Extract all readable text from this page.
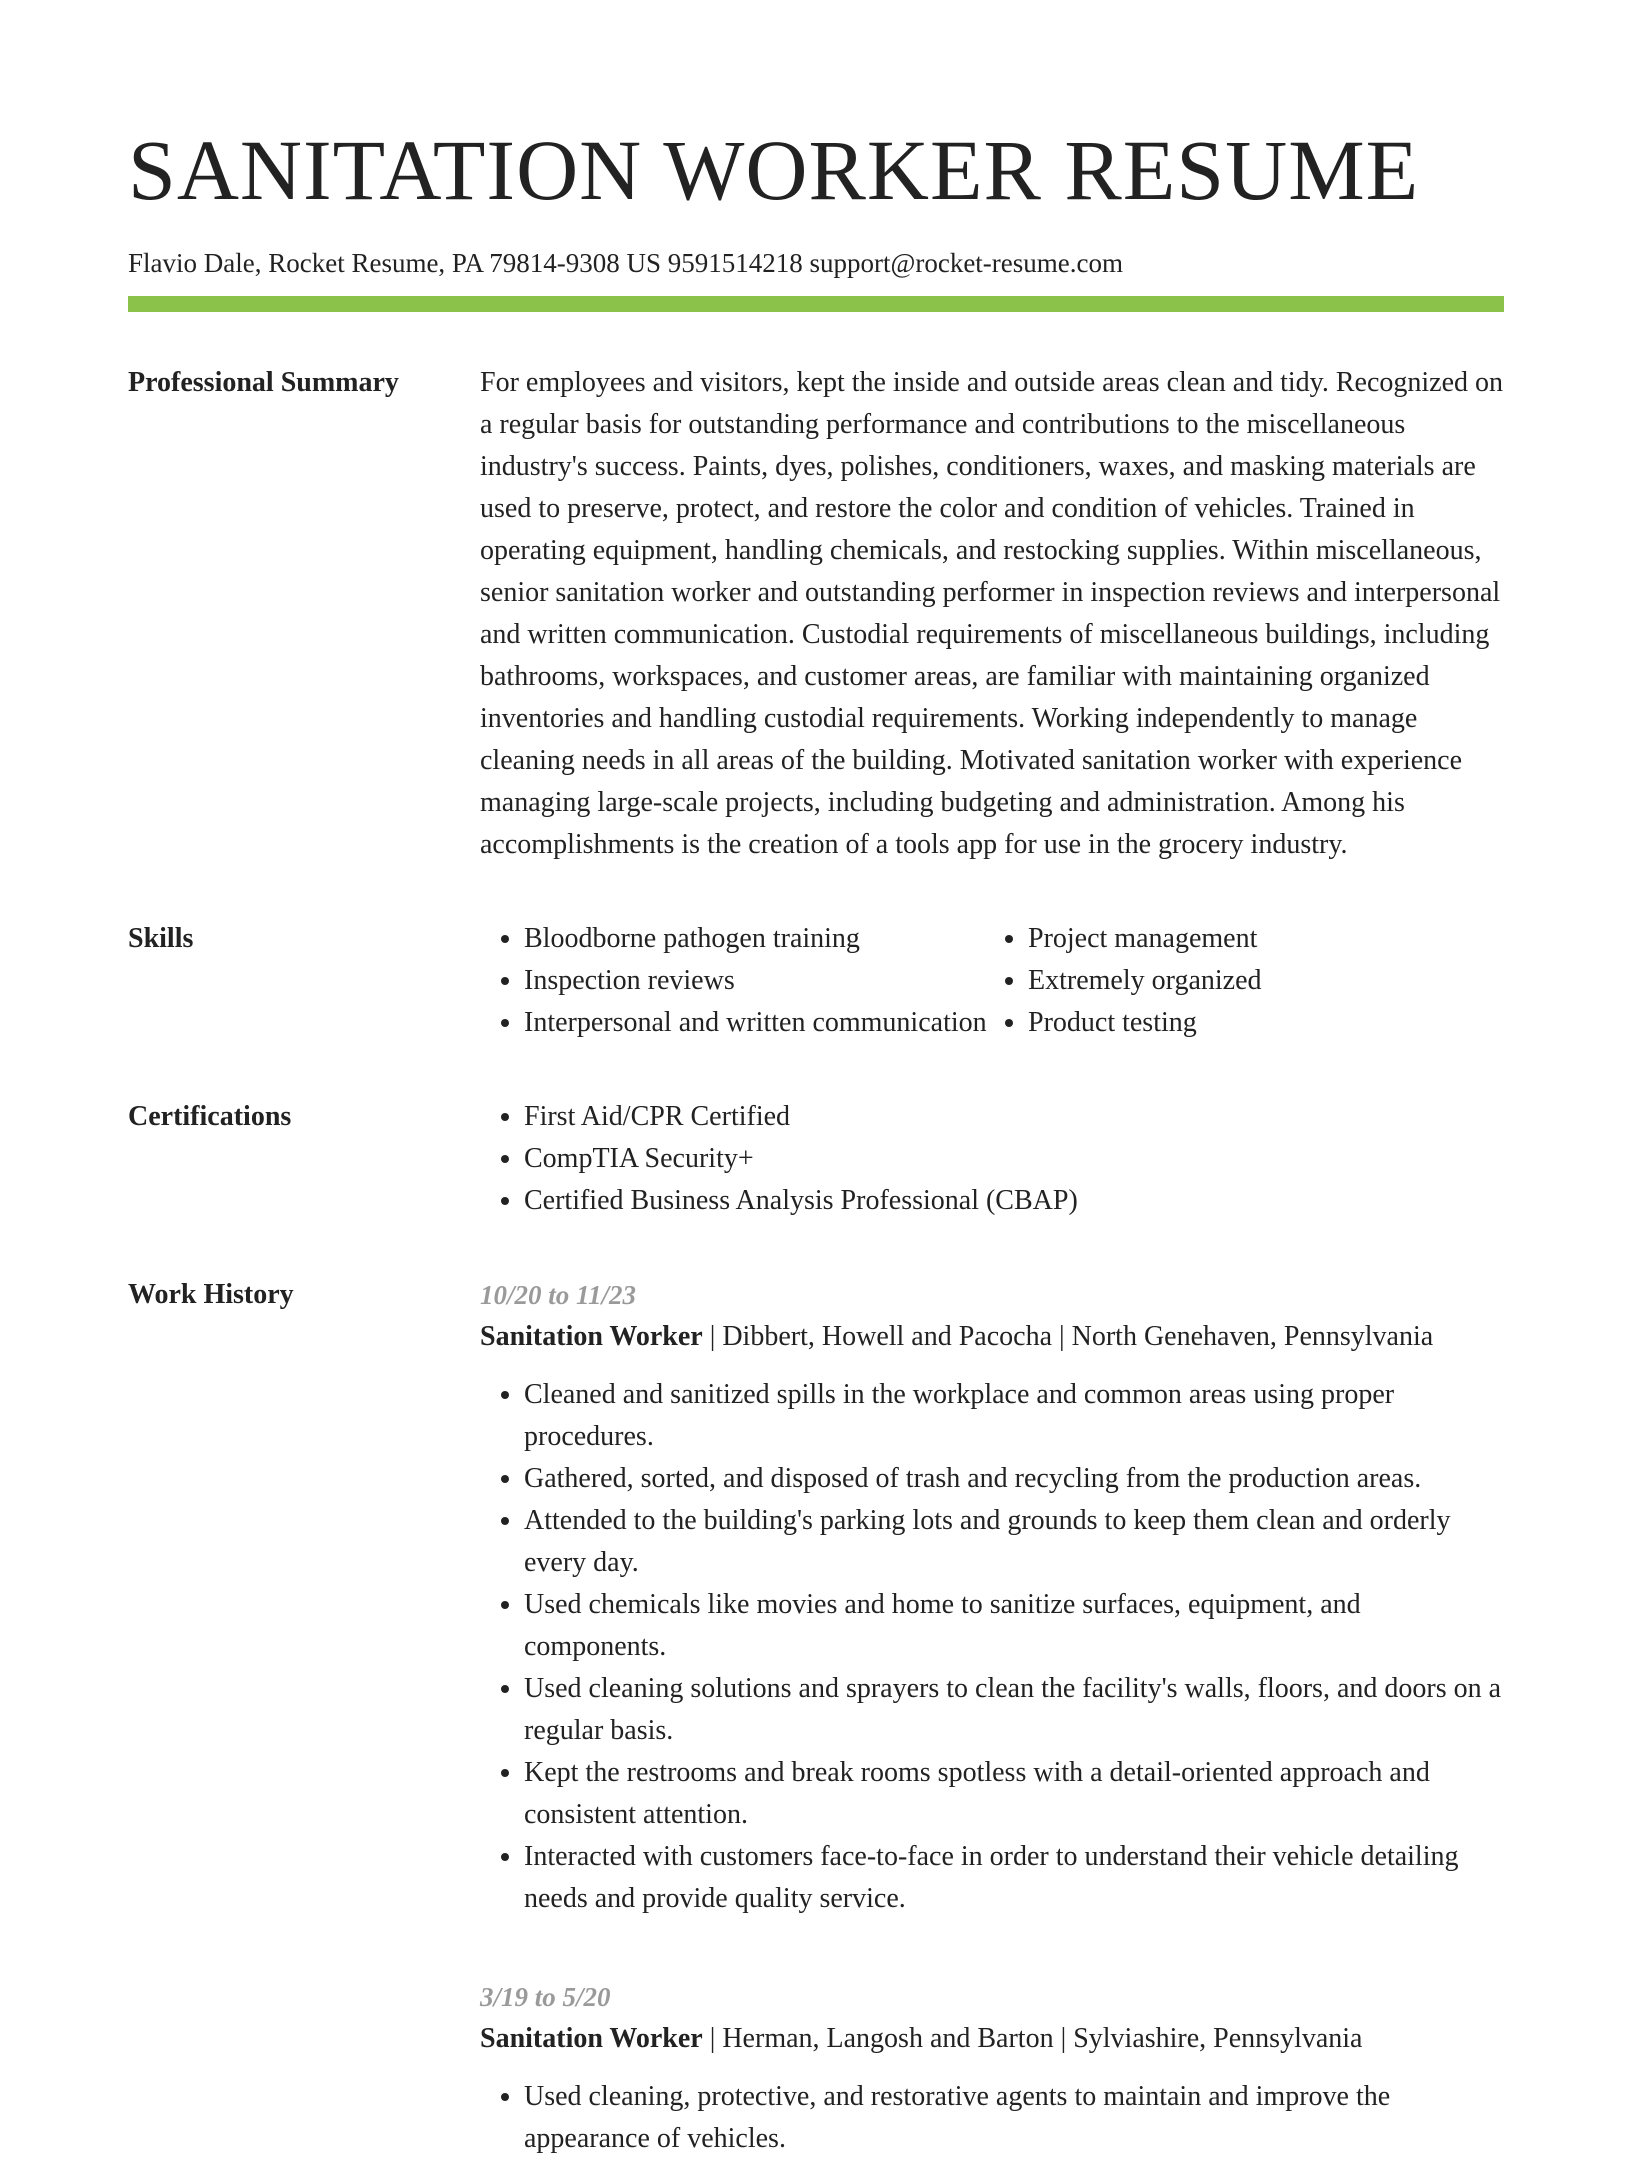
SANITATION WORKER RESUME
Flavio Dale, Rocket Resume, PA 79814-9308 US 9591514218 support@rocket-resume.com
Professional Summary	For employees and visitors, kept the inside and outside areas clean and tidy. Recognized on a regular basis for outstanding performance and contributions to the miscellaneous industry's success. Paints, dyes, polishes, conditioners, waxes, and masking materials are used to preserve, protect, and restore the color and condition of vehicles. Trained in operating equipment, handling chemicals, and restocking supplies. Within miscellaneous, senior sanitation worker and outstanding performer in inspection reviews and interpersonal and written communication. Custodial requirements of miscellaneous buildings, including bathrooms, workspaces, and customer areas, are familiar with maintaining organized inventories and handling custodial requirements. Working independently to manage cleaning needs in all areas of the building. Motivated sanitation worker with experience managing large-scale projects, including budgeting and administration. Among his accomplishments is the creation of a tools app for use in the grocery industry.

Skills	• Bloodborne pathogen training
• Inspection reviews
• Interpersonal and written communication
• Project management
• Extremely organized
• Product testing
Certifications	• First Aid/CPR Certified
• CompTIA Security+
• Certified Business Analysis Professional (CBAP)
Work History	10/20 to 11/23
Sanitation Worker | Dibbert, Howell and Pacocha | North Genehaven, Pennsylvania
• Cleaned and sanitized spills in the workplace and common areas using proper procedures.
• Gathered, sorted, and disposed of trash and recycling from the production areas.
• Attended to the building's parking lots and grounds to keep them clean and orderly every day.
• Used chemicals like movies and home to sanitize surfaces, equipment, and components.
• Used cleaning solutions and sprayers to clean the facility's walls, floors, and doors on a regular basis.
• Kept the restrooms and break rooms spotless with a detail-oriented approach and consistent attention.
• Interacted with customers face-to-face in order to understand their vehicle detailing needs and provide quality service.
3/19 to 5/20
Sanitation Worker | Herman, Langosh and Barton | Sylviashire, Pennsylvania
• Used cleaning, protective, and restorative agents to maintain and improve the appearance of vehicles.
